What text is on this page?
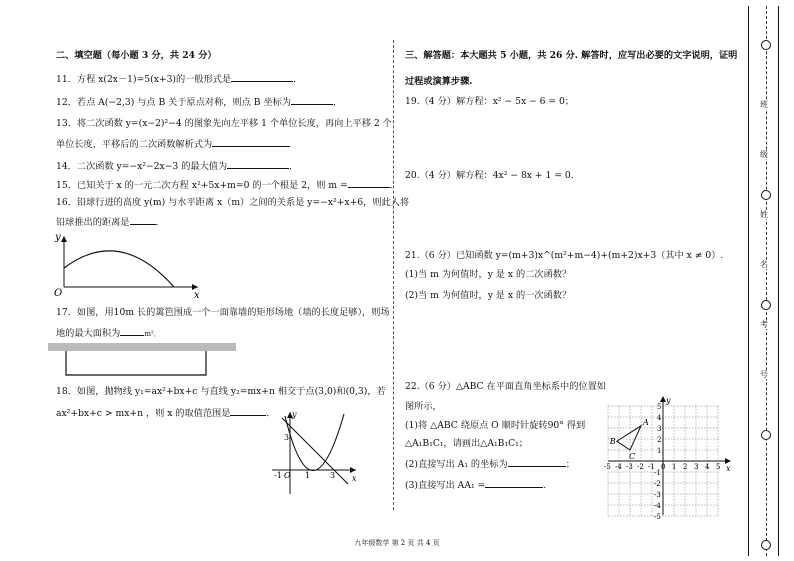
二、填空题（每小题 3 分，共 24 分）
11．方程 x(2x－1)=5(x+3)的一般形式是	．
12．若点 A(−2,3) 与点 B 关于原点对称，则点 B 坐标为	．
13．将二次函数 y=(x−2)²−4 的图象先向左平移 1 个单位长度，再向上平移 2 个
单位长度，平移后的二次函数解析式为
14．二次函数 y=−x²−2x−3 的最大值为	．
15．已知关于 x 的一元二次方程 x²+5x+m=0 的一个根是 2，则 m =	．
16．铅球行进的高度 y(m) 与水平距离 x（m）之间的关系是 y=−x²+x+6，则此人将
铅球推出的距离是	．
y
x
O
17．如图，用10m 长的篱笆围成一个一面靠墙的矩形场地（墙的长度足够），则场
地的最大面积为	m²．
18．如图，抛物线 y₁=ax²+bx+c 与直线 y₂=mx+n 相交于点(3,0)和(0,3)，若
ax²+bx+c > mx+n ，则 x 的取值范围是	． y
x
3
-1 O 1 3
三、解答题：本大题共 5 小题，共 26 分. 解答时，应写出必要的文字说明，证明
过程或演算步骤.
19.（4 分）解方程：x² − 5x − 6 = 0；
20.（4 分）解方程：4x² − 8x + 1 = 0.
21.（6 分）已知函数 y=(m+3)x^(m²+m−4)+(m+2)x+3（其中 x ≠ 0）.
(1)当 m 为何值时，y 是 x 的二次函数？
(2)当 m 为何值时，y 是 x 的一次函数？
22.（6 分）△ABC 在平面直角坐标系中的位置如
图所示，
(1)将 △ABC 绕原点 O 顺时针旋转90° 得到
△A₁B₁C₁，请画出△A₁B₁C₁；
(2)直接写出 A₁ 的坐标为	；
(3)直接写出 AA₁ =	.
y
x
-5 -4 -3 -2 -1 0 1 2 3 4 5
5
4
3
2
1
-1
-2
-3
-4
-5
A
B
C
班
级
姓
名
考
号
九年级数学 第 2 页 共 4 页
